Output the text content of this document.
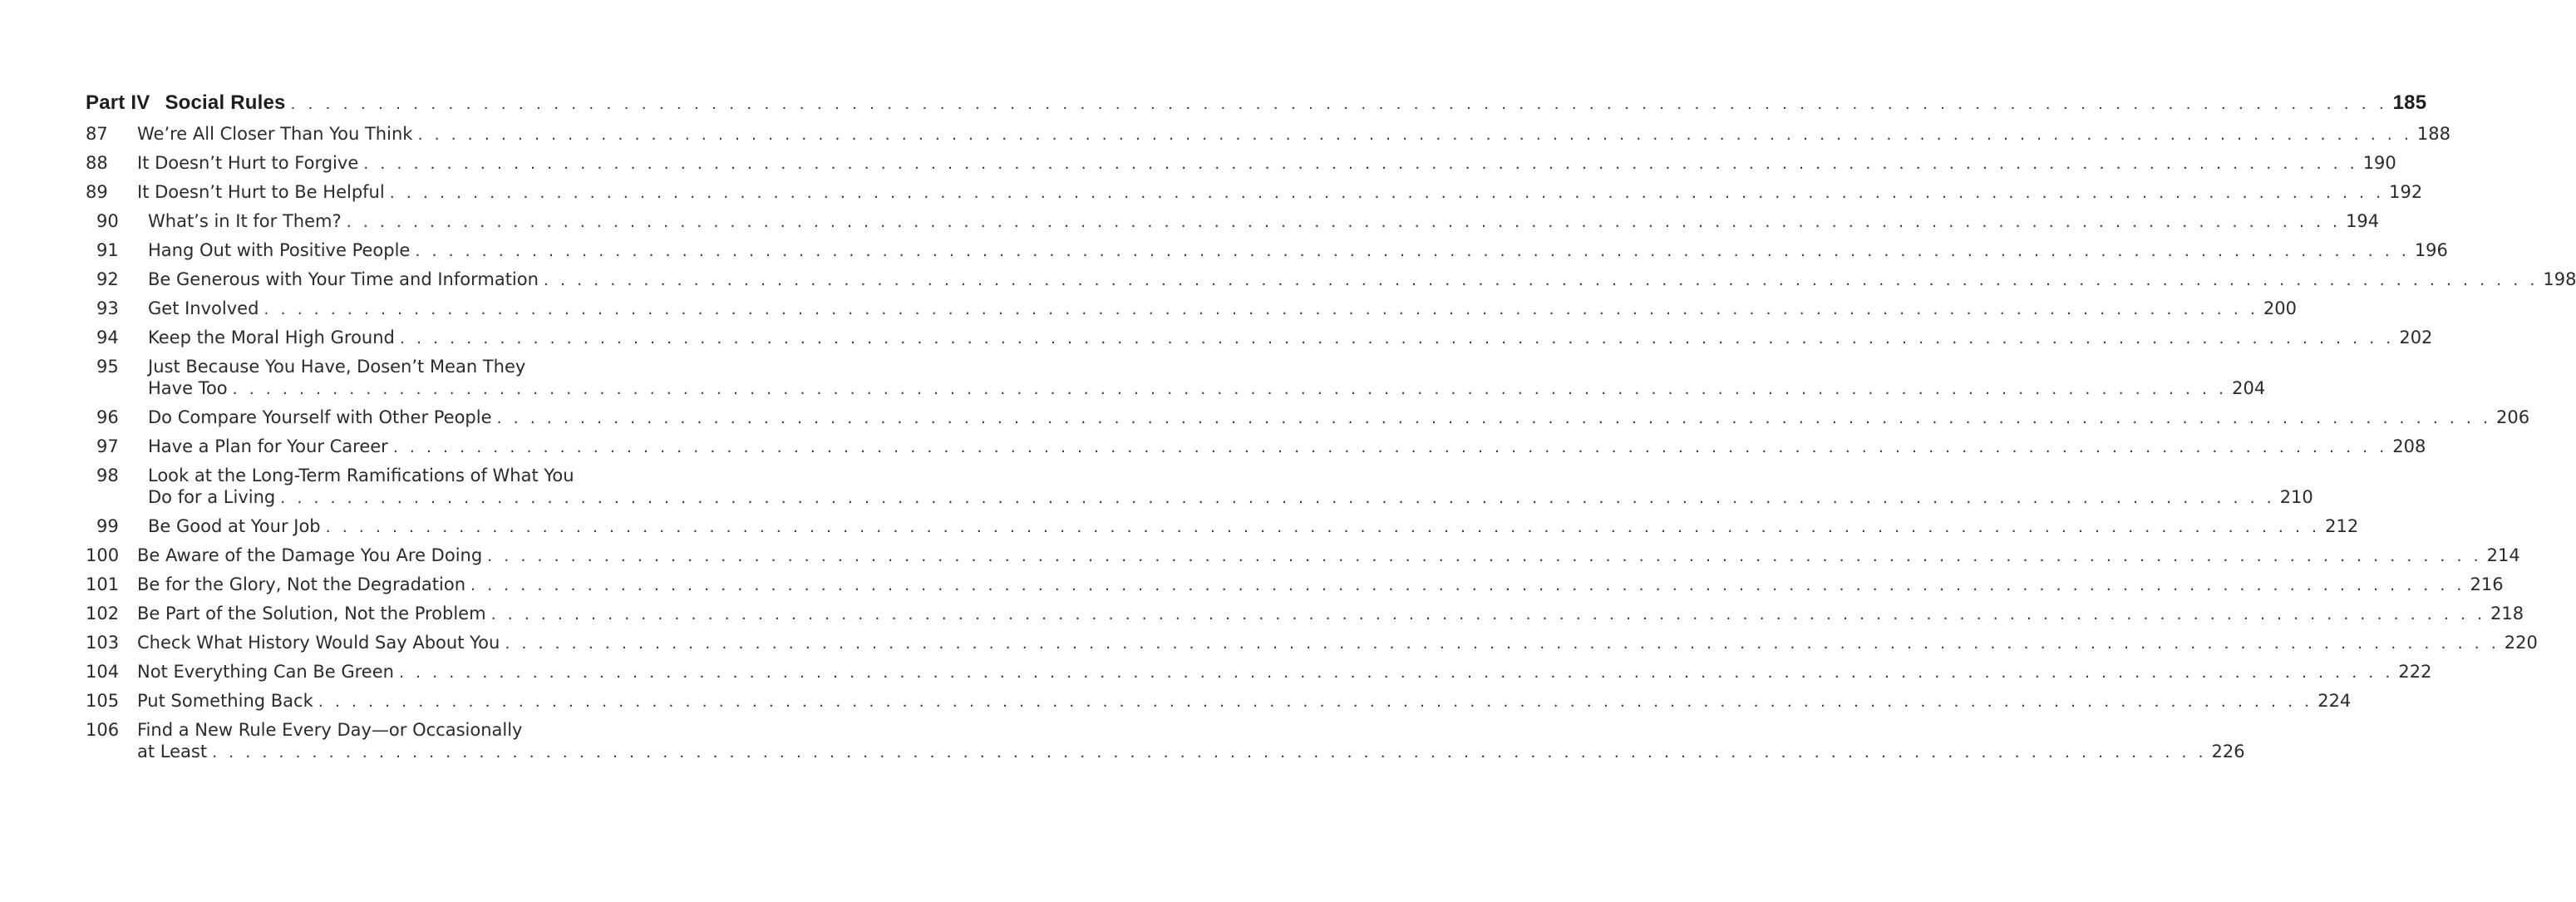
Part IV Social Rules . . . . . . . . . . . . . . . . . . . . . . . . . . . . . . . . . . . . . . . . . . . . . . . . . . . . . . . . . . . . . . . . . . . . . . . . . . . . . . . . . . . . . . . . . . . . . . . . . . . . . . . . . . . . . . . . . . . . . . . . 185
87	We’re All Closer Than You Think . . . . . . . . . . . . . . . . . . . . . . . . . . . . . . . . . . . . . . . . . . . . . . . . . . . . . . . . . . . . . . . . . . . . . . . . . . . . . . . . . . . . . . . . . . . . . . . . . . . . . . . . . . . . . . . . . . . . . . . . 188
88	It Doesn’t Hurt to Forgive . . . . . . . . . . . . . . . . . . . . . . . . . . . . . . . . . . . . . . . . . . . . . . . . . . . . . . . . . . . . . . . . . . . . . . . . . . . . . . . . . . . . . . . . . . . . . . . . . . . . . . . . . . . . . . . . . . . . . . . . 190
89	It Doesn’t Hurt to Be Helpful . . . . . . . . . . . . . . . . . . . . . . . . . . . . . . . . . . . . . . . . . . . . . . . . . . . . . . . . . . . . . . . . . . . . . . . . . . . . . . . . . . . . . . . . . . . . . . . . . . . . . . . . . . . . . . . . . . . . . . . . 192
90	What’s in It for Them? . . . . . . . . . . . . . . . . . . . . . . . . . . . . . . . . . . . . . . . . . . . . . . . . . . . . . . . . . . . . . . . . . . . . . . . . . . . . . . . . . . . . . . . . . . . . . . . . . . . . . . . . . . . . . . . . . . . . . . . . 194
91	Hang Out with Positive People . . . . . . . . . . . . . . . . . . . . . . . . . . . . . . . . . . . . . . . . . . . . . . . . . . . . . . . . . . . . . . . . . . . . . . . . . . . . . . . . . . . . . . . . . . . . . . . . . . . . . . . . . . . . . . . . . . . . . . . . 196
92	Be Generous with Your Time and Information . . . . . . . . . . . . . . . . . . . . . . . . . . . . . . . . . . . . . . . . . . . . . . . . . . . . . . . . . . . . . . . . . . . . . . . . . . . . . . . . . . . . . . . . . . . . . . . . . . . . . . . . . . . . . . . . . . . . . . . . 198
93	Get Involved . . . . . . . . . . . . . . . . . . . . . . . . . . . . . . . . . . . . . . . . . . . . . . . . . . . . . . . . . . . . . . . . . . . . . . . . . . . . . . . . . . . . . . . . . . . . . . . . . . . . . . . . . . . . . . . . . . . . . . . . 200
94	Keep the Moral High Ground . . . . . . . . . . . . . . . . . . . . . . . . . . . . . . . . . . . . . . . . . . . . . . . . . . . . . . . . . . . . . . . . . . . . . . . . . . . . . . . . . . . . . . . . . . . . . . . . . . . . . . . . . . . . . . . . . . . . . . . . 202
95	Just Because You Have, Dosen’t Mean They
Have Too . . . . . . . . . . . . . . . . . . . . . . . . . . . . . . . . . . . . . . . . . . . . . . . . . . . . . . . . . . . . . . . . . . . . . . . . . . . . . . . . . . . . . . . . . . . . . . . . . . . . . . . . . . . . . . . . . . . . . . . . 204
96	Do Compare Yourself with Other People . . . . . . . . . . . . . . . . . . . . . . . . . . . . . . . . . . . . . . . . . . . . . . . . . . . . . . . . . . . . . . . . . . . . . . . . . . . . . . . . . . . . . . . . . . . . . . . . . . . . . . . . . . . . . . . . . . . . . . . . 206
97	Have a Plan for Your Career . . . . . . . . . . . . . . . . . . . . . . . . . . . . . . . . . . . . . . . . . . . . . . . . . . . . . . . . . . . . . . . . . . . . . . . . . . . . . . . . . . . . . . . . . . . . . . . . . . . . . . . . . . . . . . . . . . . . . . . . 208
98	Look at the Long-Term Ramifications of What You
Do for a Living . . . . . . . . . . . . . . . . . . . . . . . . . . . . . . . . . . . . . . . . . . . . . . . . . . . . . . . . . . . . . . . . . . . . . . . . . . . . . . . . . . . . . . . . . . . . . . . . . . . . . . . . . . . . . . . . . . . . . . . . 210
99	Be Good at Your Job . . . . . . . . . . . . . . . . . . . . . . . . . . . . . . . . . . . . . . . . . . . . . . . . . . . . . . . . . . . . . . . . . . . . . . . . . . . . . . . . . . . . . . . . . . . . . . . . . . . . . . . . . . . . . . . . . . . . . . . . 212
100	Be Aware of the Damage You Are Doing . . . . . . . . . . . . . . . . . . . . . . . . . . . . . . . . . . . . . . . . . . . . . . . . . . . . . . . . . . . . . . . . . . . . . . . . . . . . . . . . . . . . . . . . . . . . . . . . . . . . . . . . . . . . . . . . . . . . . . . . 214
101	Be for the Glory, Not the Degradation . . . . . . . . . . . . . . . . . . . . . . . . . . . . . . . . . . . . . . . . . . . . . . . . . . . . . . . . . . . . . . . . . . . . . . . . . . . . . . . . . . . . . . . . . . . . . . . . . . . . . . . . . . . . . . . . . . . . . . . . 216
102	Be Part of the Solution, Not the Problem . . . . . . . . . . . . . . . . . . . . . . . . . . . . . . . . . . . . . . . . . . . . . . . . . . . . . . . . . . . . . . . . . . . . . . . . . . . . . . . . . . . . . . . . . . . . . . . . . . . . . . . . . . . . . . . . . . . . . . . . 218
103	Check What History Would Say About You . . . . . . . . . . . . . . . . . . . . . . . . . . . . . . . . . . . . . . . . . . . . . . . . . . . . . . . . . . . . . . . . . . . . . . . . . . . . . . . . . . . . . . . . . . . . . . . . . . . . . . . . . . . . . . . . . . . . . . . . 220
104	Not Everything Can Be Green . . . . . . . . . . . . . . . . . . . . . . . . . . . . . . . . . . . . . . . . . . . . . . . . . . . . . . . . . . . . . . . . . . . . . . . . . . . . . . . . . . . . . . . . . . . . . . . . . . . . . . . . . . . . . . . . . . . . . . . . 222
105	Put Something Back . . . . . . . . . . . . . . . . . . . . . . . . . . . . . . . . . . . . . . . . . . . . . . . . . . . . . . . . . . . . . . . . . . . . . . . . . . . . . . . . . . . . . . . . . . . . . . . . . . . . . . . . . . . . . . . . . . . . . . . . 224
106	Find a New Rule Every Day—or Occasionally
at Least . . . . . . . . . . . . . . . . . . . . . . . . . . . . . . . . . . . . . . . . . . . . . . . . . . . . . . . . . . . . . . . . . . . . . . . . . . . . . . . . . . . . . . . . . . . . . . . . . . . . . . . . . . . . . . . . . . . . . . . . 226
